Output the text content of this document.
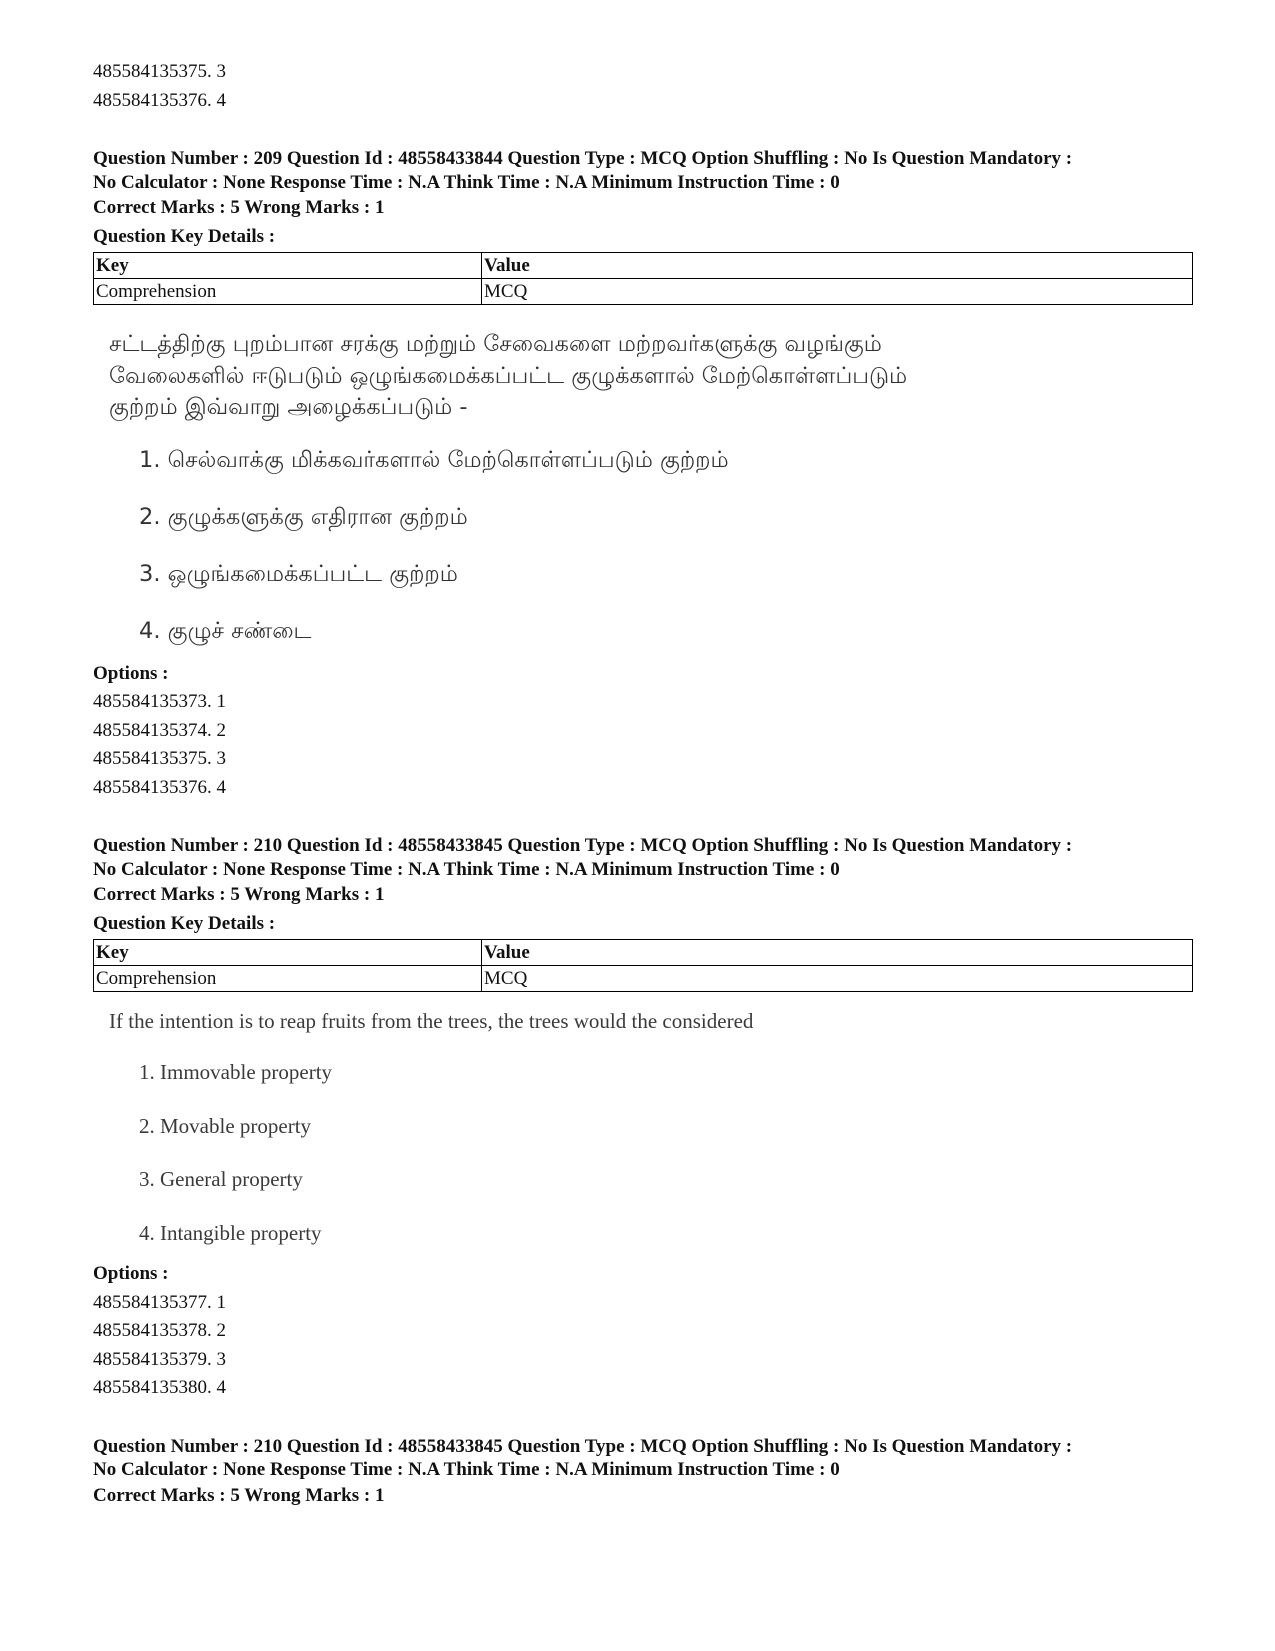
485584135375. 3
485584135376. 4
Question Number : 209 Question Id : 48558433844 Question Type : MCQ Option Shuffling : No Is Question Mandatory :
No Calculator : None Response Time : N.A Think Time : N.A Minimum Instruction Time : 0
Correct Marks : 5 Wrong Marks : 1
Question Key Details :
Key	Value
Comprehension	MCQ
சட்டத்திற்கு புறம்பான சரக்கு மற்றும் சேவைகளை மற்றவர்களுக்கு வழங்கும்
வேலைகளில் ஈடுபடும் ஒழுங்கமைக்கப்பட்ட குழுக்களால் மேற்கொள்ளப்படும்
குற்றம் இவ்வாறு அழைக்கப்படும் -
1. செல்வாக்கு மிக்கவர்களால் மேற்கொள்ளப்படும் குற்றம்
2. குழுக்களுக்கு எதிரான குற்றம்
3. ஒழுங்கமைக்கப்பட்ட குற்றம்
4. குழுச் சண்டை
Options :
485584135373. 1
485584135374. 2
485584135375. 3
485584135376. 4
Question Number : 210 Question Id : 48558433845 Question Type : MCQ Option Shuffling : No Is Question Mandatory :
No Calculator : None Response Time : N.A Think Time : N.A Minimum Instruction Time : 0
Correct Marks : 5 Wrong Marks : 1
Question Key Details :
Key	Value
Comprehension	MCQ
If the intention is to reap fruits from the trees, the trees would the considered
1. Immovable property
2. Movable property
3. General property
4. Intangible property
Options :
485584135377. 1
485584135378. 2
485584135379. 3
485584135380. 4
Question Number : 210 Question Id : 48558433845 Question Type : MCQ Option Shuffling : No Is Question Mandatory :
No Calculator : None Response Time : N.A Think Time : N.A Minimum Instruction Time : 0
Correct Marks : 5 Wrong Marks : 1
